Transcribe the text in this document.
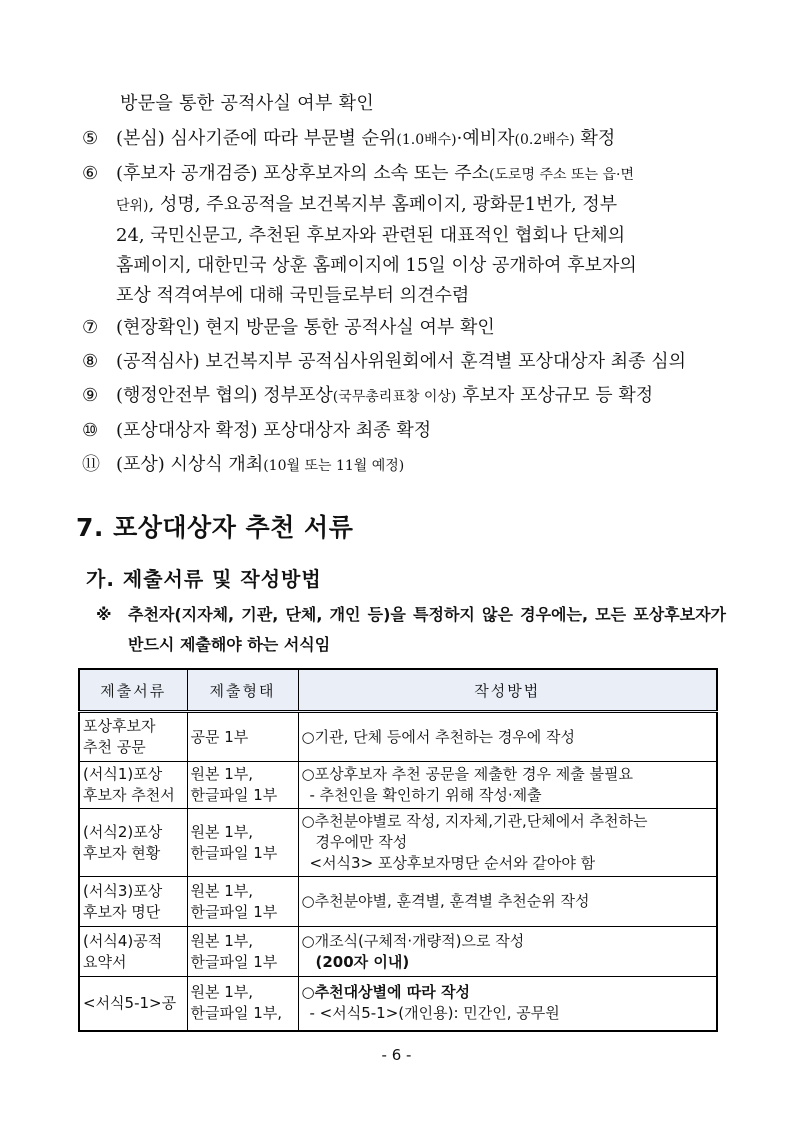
방문을 통한 공적사실 여부 확인
⑤ (본심) 심사기준에 따라 부문별 순위(1.0배수)·예비자(0.2배수) 확정
⑥ (후보자 공개검증) 포상후보자의 소속 또는 주소(도로명 주소 또는 읍·면
단위), 성명, 주요공적을 보건복지부 홈페이지, 광화문1번가, 정부
24, 국민신문고, 추천된 후보자와 관련된 대표적인 협회나 단체의
홈페이지, 대한민국 상훈 홈페이지에 15일 이상 공개하여 후보자의
포상 적격여부에 대해 국민들로부터 의견수렴
⑦ (현장확인) 현지 방문을 통한 공적사실 여부 확인
⑧ (공적심사) 보건복지부 공적심사위원회에서 훈격별 포상대상자 최종 심의
⑨ (행정안전부 협의) 정부포상(국무총리표창 이상) 후보자 포상규모 등 확정
⑩ (포상대상자 확정) 포상대상자 최종 확정
⑪ (포상) 시상식 개최(10월 또는 11월 예정)
7. 포상대상자 추천 서류
가. 제출서류 및 작성방법
※ 추천자(지자체, 기관, 단체, 개인 등)을 특정하지 않은 경우에는, 모든 포상후보자가 반드시 제출해야 하는 서식임
제출서류	제출형태	작성방법

포상후보자
추천 공문	공문 1부	○기관, 단체 등에서 추천하는 경우에 작성

(서식1)포상
후보자 추천서	원본 1부,
한글파일 1부	○포상후보자 추천 공문을 제출한 경우 제출 불필요
- 추천인을 확인하기 위해 작성·제출

(서식2)포상
후보자 현황	원본 1부,
한글파일 1부	○추천분야별로 작성, 지자체,기관,단체에서 추천하는
경우에만 작성
<서식3> 포상후보자명단 순서와 같아야 함

(서식3)포상
후보자 명단	원본 1부,
한글파일 1부	○추천분야별, 훈격별, 훈격별 추천순위 작성

(서식4)공적
요약서	원본 1부,
한글파일 1부	○개조식(구체적·개량적)으로 작성
(200자 이내)

<서식5-1>공	원본 1부,
한글파일 1부,	○추천대상별에 따라 작성
- <서식5-1>(개인용): 민간인, 공무원
- 6 -
